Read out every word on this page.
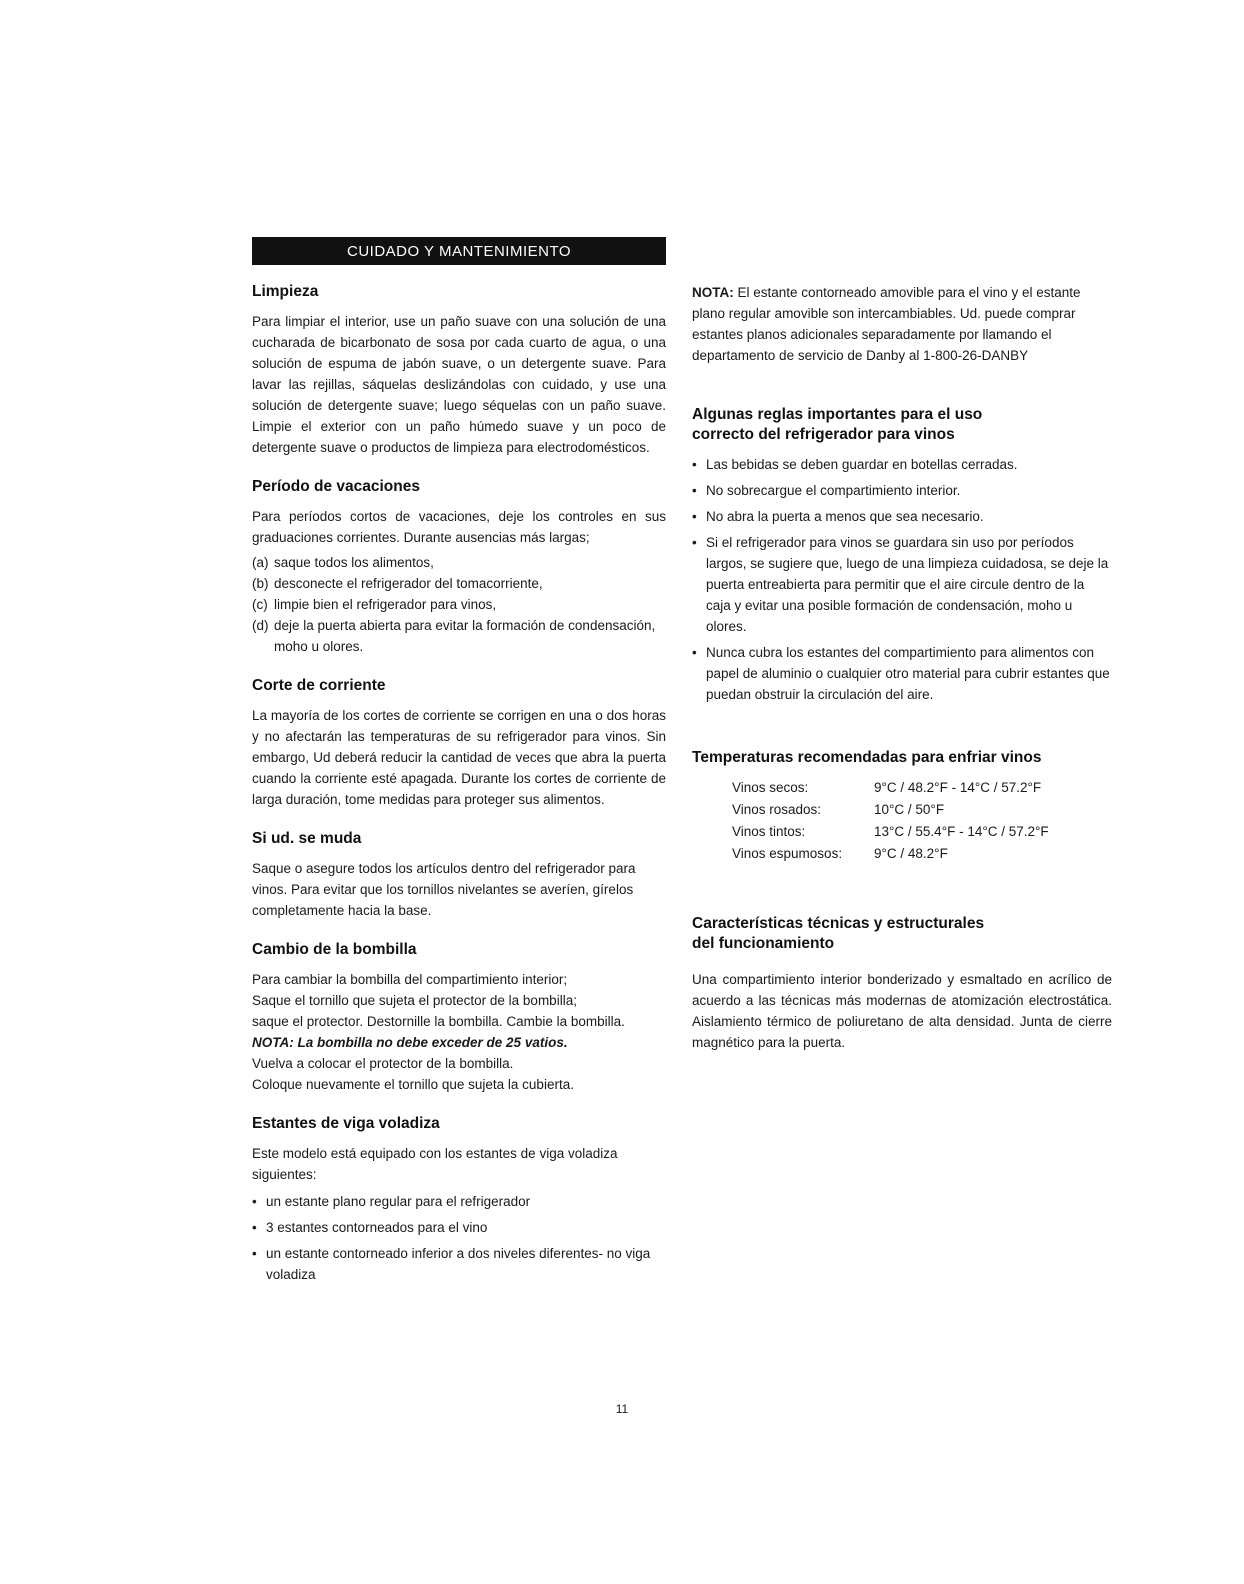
CUIDADO Y MANTENIMIENTO
Limpieza

Para limpiar el interior, use un paño suave con una solución de una cucharada de bicarbonato de sosa por cada cuarto de agua, o una solución de espuma de jabón suave, o un detergente suave. Para lavar las rejillas, sáquelas deslizándolas con cuidado, y use una solución de detergente suave; luego séquelas con un paño suave. Limpie el exterior con un paño húmedo suave y un poco de detergente suave o productos de limpieza para electrodomésticos.

Período de vacaciones

Para períodos cortos de vacaciones, deje los controles en sus graduaciones corrientes. Durante ausencias más largas;

(a) saque todos los alimentos,
(b) desconecte el refrigerador del tomacorriente,
(c) limpie bien el refrigerador para vinos,
(d) deje la puerta abierta para evitar la formación de condensación, moho u olores.
Corte de corriente

La mayoría de los cortes de corriente se corrigen en una o dos horas y no afectarán las temperaturas de su refrigerador para vinos. Sin embargo, Ud deberá reducir la cantidad de veces que abra la puerta cuando la corriente esté apagada. Durante los cortes de corriente de larga duración, tome medidas para proteger sus alimentos.

Si ud. se muda

Saque o asegure todos los artículos dentro del refrigerador para vinos. Para evitar que los tornillos nivelantes se averíen, gírelos completamente hacia la base.

Cambio de la bombilla

Para cambiar la bombilla del compartimiento interior;

Saque el tornillo que sujeta el protector de la bombilla;

saque el protector. Destornille la bombilla. Cambie la bombilla.

NOTA: La bombilla no debe exceder de 25 vatios.

Vuelva a colocar el protector de la bombilla.

Coloque nuevamente el tornillo que sujeta la cubierta.

Estantes de viga voladiza

Este modelo está equipado con los estantes de viga voladiza siguientes:

• un estante plano regular para el refrigerador
• 3 estantes contorneados para el vino
• un estante contorneado inferior a dos niveles diferentes- no viga voladiza

NOTA: El estante contorneado amovible para el vino y el estante plano regular amovible son intercambiables. Ud. puede comprar estantes planos adicionales separadamente por llamando el departamento de servicio de Danby al 1-800-26-DANBY

Algunas reglas importantes para el uso
correcto del refrigerador para vinos
• Las bebidas se deben guardar en botellas cerradas.
• No sobrecargue el compartimiento interior.
• No abra la puerta a menos que sea necesario.
• Si el refrigerador para vinos se guardara sin uso por períodos largos, se sugiere que, luego de una limpieza cuidadosa, se deje la puerta entreabierta para permitir que el aire circule dentro de la caja y evitar una posible formación de condensación, moho u olores.
• Nunca cubra los estantes del compartimiento para alimentos con papel de aluminio o cualquier otro material para cubrir estantes que puedan obstruir la circulación del aire.
Temperaturas recomendadas para enfriar vinos
Vinos secos:	9°C / 48.2°F - 14°C / 57.2°F
Vinos rosados:	10°C / 50°F
Vinos tintos:	13°C / 55.4°F - 14°C / 57.2°F
Vinos espumosos:	9°C / 48.2°F
Características técnicas y estructurales
del funcionamiento

Una compartimiento interior bonderizado y esmaltado en acrílico de acuerdo a las técnicas más modernas de atomización electrostática. Aislamiento térmico de poliuretano de alta densidad. Junta de cierre magnético para la puerta.

11
